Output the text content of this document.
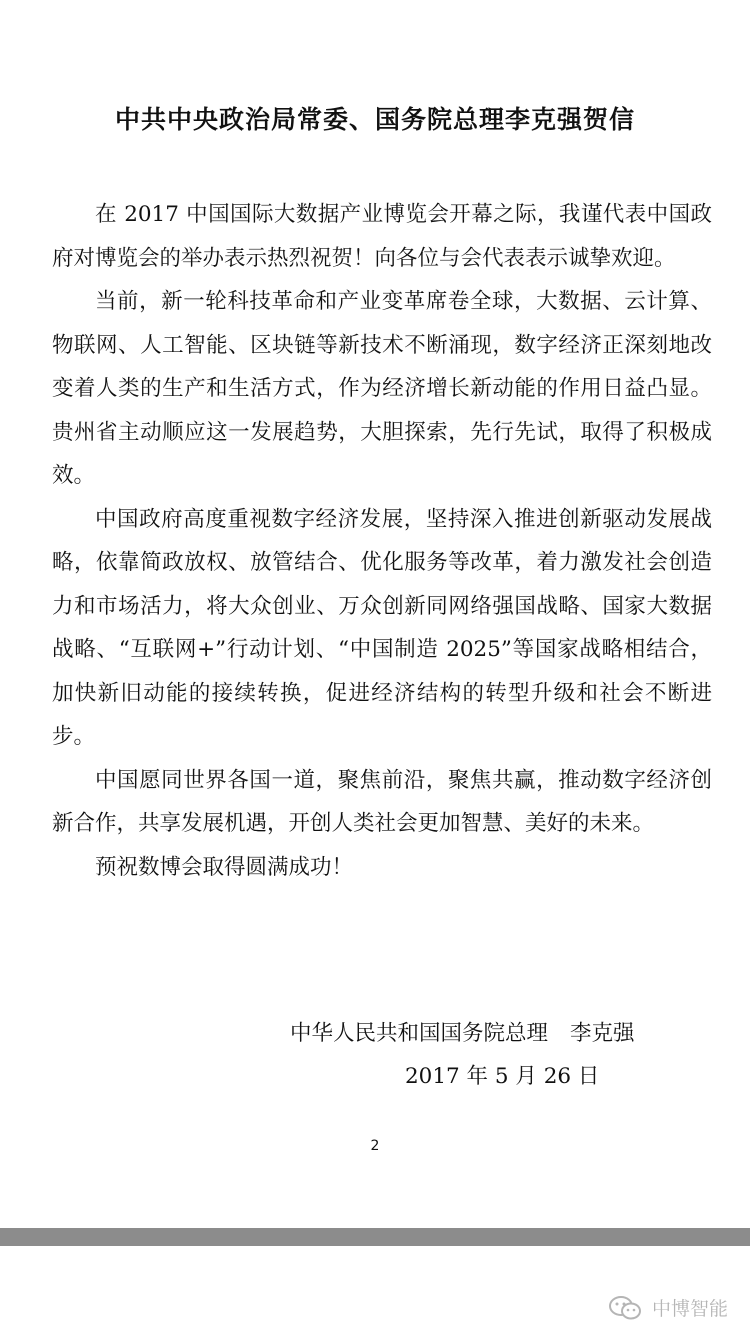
中共中央政治局常委、国务院总理李克强贺信

在 2017 中国国际大数据产业博览会开幕之际，我谨代表中国政府对博览会的举办表示热烈祝贺！向各位与会代表表示诚挚欢迎。

当前，新一轮科技革命和产业变革席卷全球，大数据、云计算、物联网、人工智能、区块链等新技术不断涌现，数字经济正深刻地改变着人类的生产和生活方式，作为经济增长新动能的作用日益凸显。贵州省主动顺应这一发展趋势，大胆探索，先行先试，取得了积极成效。

中国政府高度重视数字经济发展，坚持深入推进创新驱动发展战略，依靠简政放权、放管结合、优化服务等改革，着力激发社会创造力和市场活力，将大众创业、万众创新同网络强国战略、国家大数据战略、“互联网+”行动计划、“中国制造 2025”等国家战略相结合，加快新旧动能的接续转换，促进经济结构的转型升级和社会不断进步。

中国愿同世界各国一道，聚焦前沿，聚焦共赢，推动数字经济创新合作，共享发展机遇，开创人类社会更加智慧、美好的未来。

预祝数博会取得圆满成功！

中华人民共和国国务院总理 李克强
2017 年 5 月 26 日
2
中博智能
